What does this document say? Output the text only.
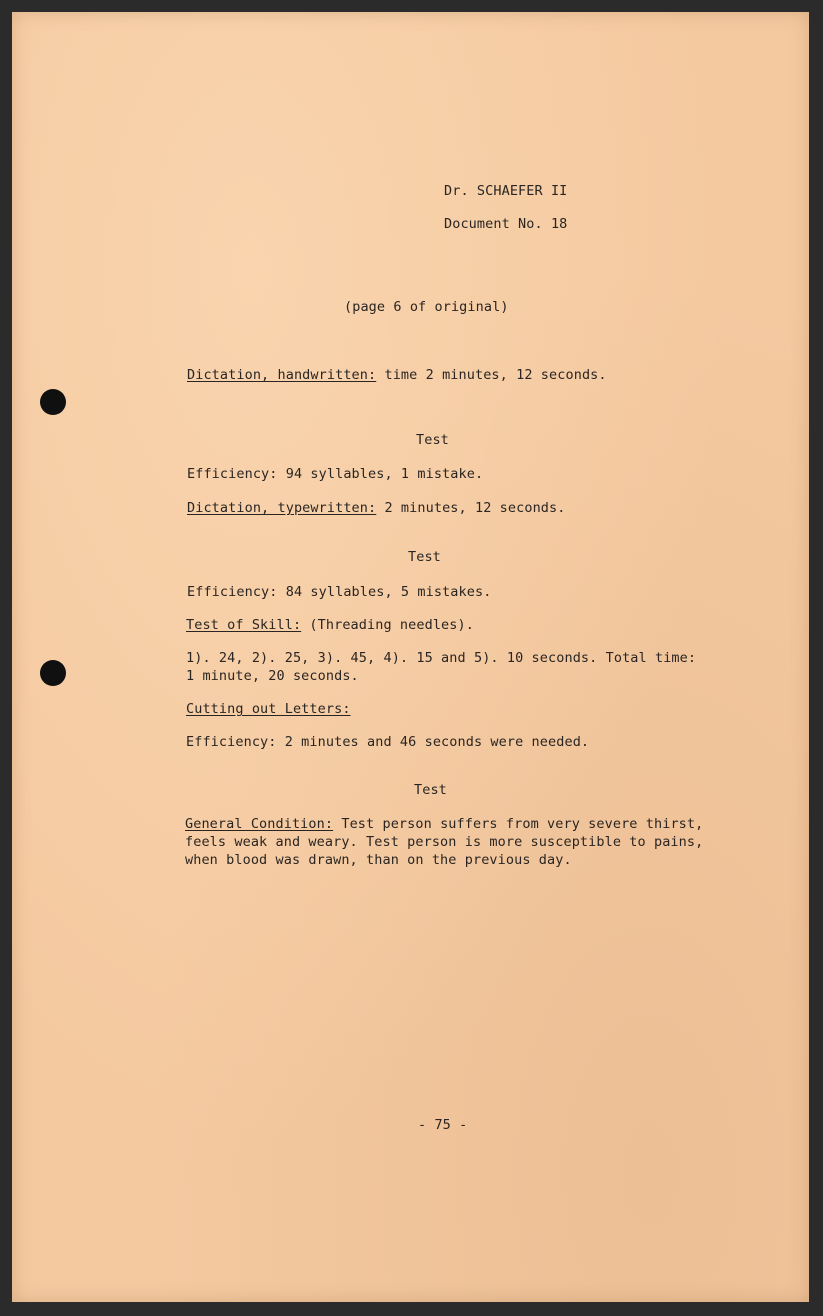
Dr. SCHAEFER II
Document No. 18
(page 6 of original)
Dictation, handwritten: time 2 minutes, 12 seconds.
Test
Efficiency: 94 syllables, 1 mistake.
Dictation, typewritten: 2 minutes, 12 seconds.
Test
Efficiency: 84 syllables, 5 mistakes.
Test of Skill: (Threading needles).
1). 24, 2). 25, 3). 45, 4). 15 and 5). 10 seconds. Total time:
1 minute, 20 seconds.
Cutting out Letters:
Efficiency: 2 minutes and 46 seconds were needed.
Test
General Condition: Test person suffers from very severe thirst,
feels weak and weary. Test person is more susceptible to pains,
when blood was drawn, than on the previous day.
- 75 -
